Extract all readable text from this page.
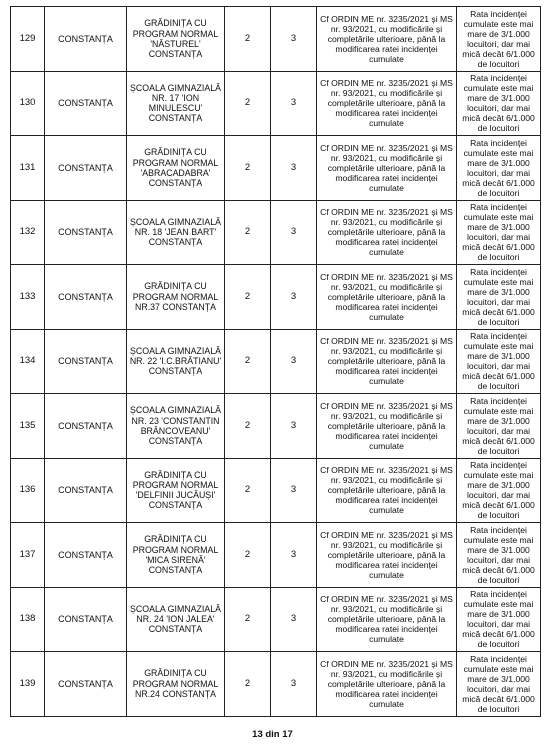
129	CONSTANȚA	GRĂDINIȚA CU PROGRAM NORMAL 'NĂSTUREL' CONSTANȚA	2	3	Cf ORDIN ME nr. 3235/2021 și MS nr. 93/2021, cu modificările și completările ulterioare, până la modificarea ratei incidenței cumulate	Rata incidenței cumulate este mai mare de 3/1.000 locuitori, dar mai mică decât 6/1.000 de locuitori
130	CONSTANȚA	ȘCOALA GIMNAZIALĂ NR. 17 'ION MINULESCU' CONSTANȚA	2	3	Cf ORDIN ME nr. 3235/2021 și MS nr. 93/2021, cu modificările și completările ulterioare, până la modificarea ratei incidenței cumulate	Rata incidenței cumulate este mai mare de 3/1.000 locuitori, dar mai mică decât 6/1.000 de locuitori
131	CONSTANȚA	GRĂDINIȚA CU PROGRAM NORMAL 'ABRACADABRA' CONSTANȚA	2	3	Cf ORDIN ME nr. 3235/2021 și MS nr. 93/2021, cu modificările și completările ulterioare, până la modificarea ratei incidenței cumulate	Rata incidenței cumulate este mai mare de 3/1.000 locuitori, dar mai mică decât 6/1.000 de locuitori
132	CONSTANȚA	ȘCOALA GIMNAZIALĂ NR. 18 'JEAN BART' CONSTANȚA	2	3	Cf ORDIN ME nr. 3235/2021 și MS nr. 93/2021, cu modificările și completările ulterioare, până la modificarea ratei incidenței cumulate	Rata incidenței cumulate este mai mare de 3/1.000 locuitori, dar mai mică decât 6/1.000 de locuitori
133	CONSTANȚA	GRĂDINIȚA CU PROGRAM NORMAL NR.37 CONSTANȚA	2	3	Cf ORDIN ME nr. 3235/2021 și MS nr. 93/2021, cu modificările și completările ulterioare, până la modificarea ratei incidenței cumulate	Rata incidenței cumulate este mai mare de 3/1.000 locuitori, dar mai mică decât 6/1.000 de locuitori
134	CONSTANȚA	ȘCOALA GIMNAZIALĂ NR. 22 'I.C.BRĂTIANU' CONSTANȚA	2	3	Cf ORDIN ME nr. 3235/2021 și MS nr. 93/2021, cu modificările și completările ulterioare, până la modificarea ratei incidenței cumulate	Rata incidenței cumulate este mai mare de 3/1.000 locuitori, dar mai mică decât 6/1.000 de locuitori
135	CONSTANȚA	ȘCOALA GIMNAZIALĂ NR. 23 'CONSTANTIN BRÂNCOVEANU' CONSTANȚA	2	3	Cf ORDIN ME nr. 3235/2021 și MS nr. 93/2021, cu modificările și completările ulterioare, până la modificarea ratei incidenței cumulate	Rata incidenței cumulate este mai mare de 3/1.000 locuitori, dar mai mică decât 6/1.000 de locuitori
136	CONSTANȚA	GRĂDINIȚA CU PROGRAM NORMAL 'DELFINII JUCĂUȘI' CONSTANȚA	2	3	Cf ORDIN ME nr. 3235/2021 și MS nr. 93/2021, cu modificările și completările ulterioare, până la modificarea ratei incidenței cumulate	Rata incidenței cumulate este mai mare de 3/1.000 locuitori, dar mai mică decât 6/1.000 de locuitori
137	CONSTANȚA	GRĂDINIȚA CU PROGRAM NORMAL 'MICA SIRENĂ' CONSTANȚA	2	3	Cf ORDIN ME nr. 3235/2021 și MS nr. 93/2021, cu modificările și completările ulterioare, până la modificarea ratei incidenței cumulate	Rata incidenței cumulate este mai mare de 3/1.000 locuitori, dar mai mică decât 6/1.000 de locuitori
138	CONSTANȚA	ȘCOALA GIMNAZIALĂ NR. 24 'ION JALEA' CONSTANȚA	2	3	Cf ORDIN ME nr. 3235/2021 și MS nr. 93/2021, cu modificările și completările ulterioare, până la modificarea ratei incidenței cumulate	Rata incidenței cumulate este mai mare de 3/1.000 locuitori, dar mai mică decât 6/1.000 de locuitori
139	CONSTANȚA	GRĂDINIȚA CU PROGRAM NORMAL NR.24 CONSTANȚA	2	3	Cf ORDIN ME nr. 3235/2021 și MS nr. 93/2021, cu modificările și completările ulterioare, până la modificarea ratei incidenței cumulate	Rata incidenței cumulate este mai mare de 3/1.000 locuitori, dar mai mică decât 6/1.000 de locuitori
13 din 17
